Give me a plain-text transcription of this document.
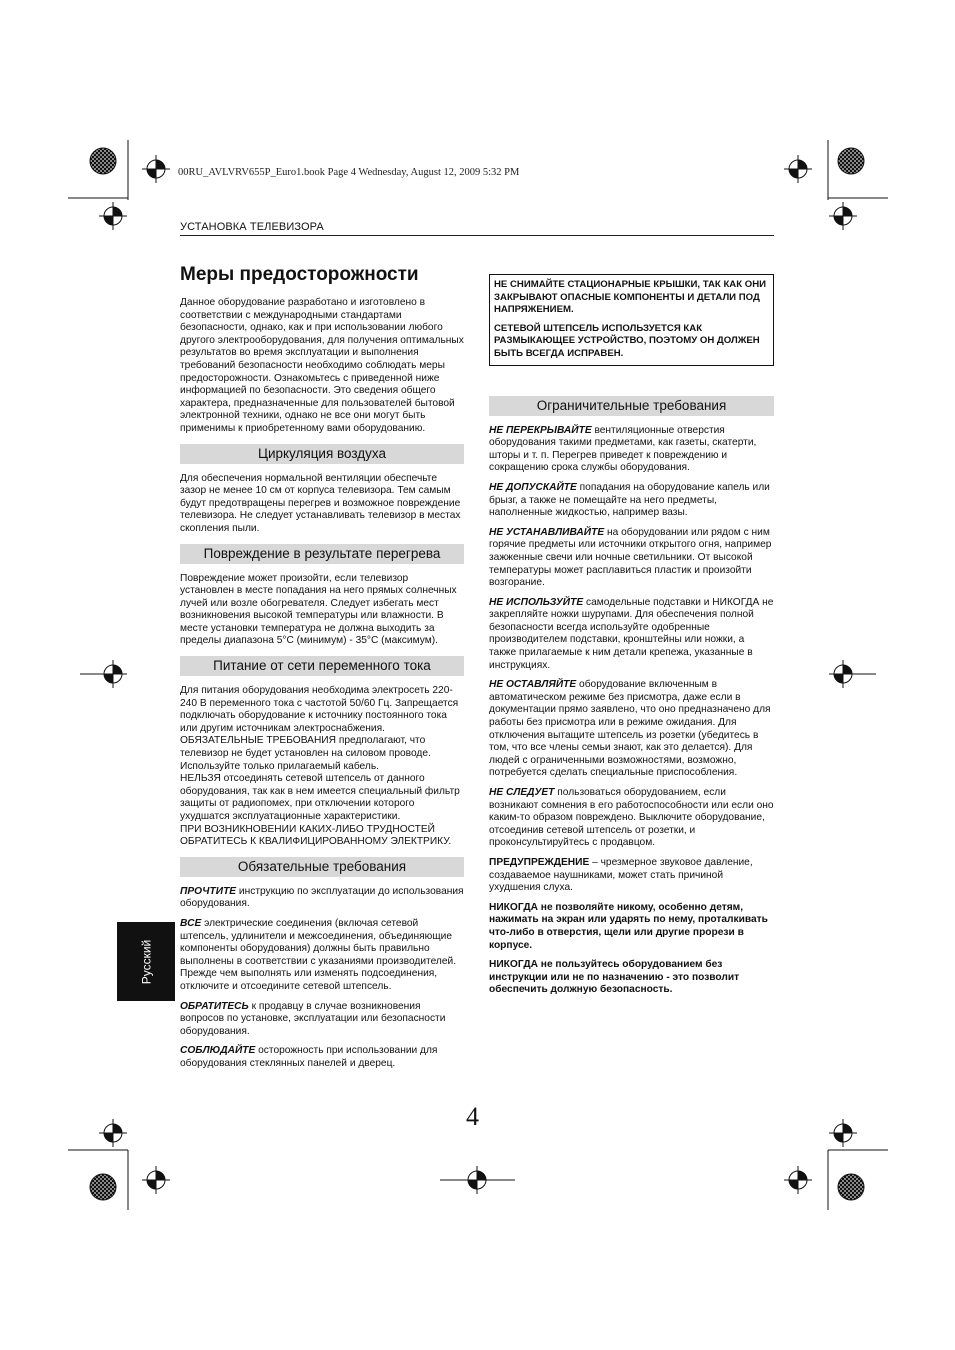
00RU_AVLVRV655P_Euro1.book Page 4 Wednesday, August 12, 2009 5:32 PM
УСТАНОВКА ТЕЛЕВИЗОРА
Меры предосторожности

Данное оборудование разработано и изготовлено в соответствии с международными стандартами безопасности, однако, как и при использовании любого другого электрооборудования, для получения оптимальных результатов во время эксплуатации и выполнения требований безопасности необходимо соблюдать меры предосторожности. Ознакомьтесь с приведенной ниже информацией по безопасности. Это сведения общего характера, предназначенные для пользователей бытовой электронной техники, однако не все они могут быть применимы к приобретенному вами оборудованию.

Циркуляция воздуха

Для обеспечения нормальной вентиляции обеспечьте зазор не менее 10 см от корпуса телевизора. Тем самым будут предотвращены перегрев и возможное повреждение телевизора. Не следует устанавливать телевизор в местах скопления пыли.

Повреждение в результате перегрева

Повреждение может произойти, если телевизор установлен в месте попадания на него прямых солнечных лучей или возле обогревателя. Следует избегать мест возникновения высокой температуры или влажности. В месте установки температура не должна выходить за пределы диапазона 5°C (минимум) - 35°C (максимум).

Питание от сети переменного тока

Для питания оборудования необходима электросеть 220-240 В переменного тока с частотой 50/60 Гц. Запрещается подключать оборудование к источнику постоянного тока или другим источникам электроснабжения.
ОБЯЗАТЕЛЬНЫЕ ТРЕБОВАНИЯ предполагают, что телевизор не будет установлен на силовом проводе.
Используйте только прилагаемый кабель.
НЕЛЬЗЯ отсоединять сетевой штепсель от данного оборудования, так как в нем имеется специальный фильтр защиты от радиопомех, при отключении которого ухудшатся эксплуатационные характеристики.
ПРИ ВОЗНИКНОВЕНИИ КАКИХ-ЛИБО ТРУДНОСТЕЙ ОБРАТИТЕСЬ К КВАЛИФИЦИРОВАННОМУ ЭЛЕКТРИКУ.

Обязательные требования

ПРОЧТИТЕ инструкцию по эксплуатации до использования оборудования.

ВСЕ электрические соединения (включая сетевой штепсель, удлинители и межсоединения, объединяющие компоненты оборудования) должны быть правильно выполнены в соответствии с указаниями производителей. Прежде чем выполнять или изменять подсоединения, отключите и отсоедините сетевой штепсель.

ОБРАТИТЕСЬ к продавцу в случае возникновения вопросов по установке, эксплуатации или безопасности оборудования.

СОБЛЮДАЙТЕ осторожность при использовании для оборудования стеклянных панелей и дверец.

НЕ СНИМАЙТЕ СТАЦИОНАРНЫЕ КРЫШКИ, ТАК КАК ОНИ ЗАКРЫВАЮТ ОПАСНЫЕ КОМПОНЕНТЫ И ДЕТАЛИ ПОД НАПРЯЖЕНИЕМ.

СЕТЕВОЙ ШТЕПСЕЛЬ ИСПОЛЬЗУЕТСЯ КАК РАЗМЫКАЮЩЕЕ УСТРОЙСТВО, ПОЭТОМУ ОН ДОЛЖЕН БЫТЬ ВСЕГДА ИСПРАВЕН.

Ограничительные требования

НЕ ПЕРЕКРЫВАЙТЕ вентиляционные отверстия оборудования такими предметами, как газеты, скатерти, шторы и т. п. Перегрев приведет к повреждению и сокращению срока службы оборудования.

НЕ ДОПУСКАЙТЕ попадания на оборудование капель или брызг, а также не помещайте на него предметы, наполненные жидкостью, например вазы.

НЕ УСТАНАВЛИВАЙТЕ на оборудовании или рядом с ним горячие предметы или источники открытого огня, например зажженные свечи или ночные светильники. От высокой температуры может расплавиться пластик и произойти возгорание.

НЕ ИСПОЛЬЗУЙТЕ самодельные подставки и НИКОГДА не закрепляйте ножки шурупами. Для обеспечения полной безопасности всегда используйте одобренные производителем подставки, кронштейны или ножки, а также прилагаемые к ним детали крепежа, указанные в инструкциях.

НЕ ОСТАВЛЯЙТЕ оборудование включенным в автоматическом режиме без присмотра, даже если в документации прямо заявлено, что оно предназначено для работы без присмотра или в режиме ожидания. Для отключения вытащите штепсель из розетки (убедитесь в том, что все члены семьи знают, как это делается). Для людей с ограниченными возможностями, возможно, потребуется сделать специальные приспособления.

НЕ СЛЕДУЕТ пользоваться оборудованием, если возникают сомнения в его работоспособности или если оно каким-то образом повреждено. Выключите оборудование, отсоединив сетевой штепсель от розетки, и проконсультируйтесь с продавцом.

ПРЕДУПРЕЖДЕНИЕ – чрезмерное звуковое давление, создаваемое наушниками, может стать причиной ухудшения слуха.

НИКОГДА не позволяйте никому, особенно детям, нажимать на экран или ударять по нему, проталкивать что-либо в отверстия, щели или другие прорези в корпусе.

НИКОГДА не пользуйтесь оборудованием без инструкции или не по назначению - это позволит обеспечить должную безопасность.

Русский
4
